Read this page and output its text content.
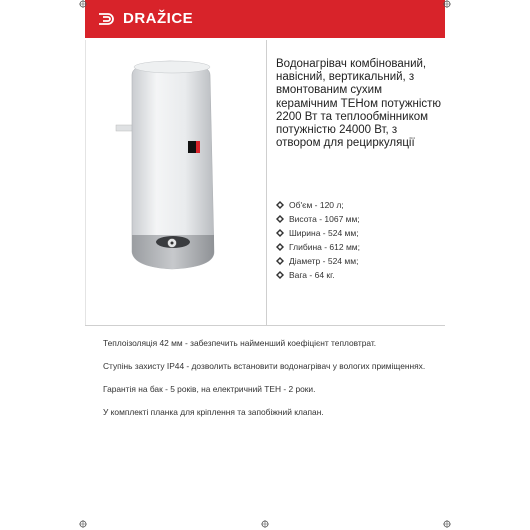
DRAŽICE
Водонагрівач комбінований, навісний, вертикальний, з вмонтованим сухим керамічним ТЕНом потужністю 2200 Вт та теплообмінником потужністю 24000 Вт, з отвором для рециркуляції
Об'єм - 120 л;
Висота - 1067 мм;
Ширина - 524 мм;
Глибина - 612 мм;
Діаметр - 524 мм;
Вага - 64 кг.

Теплоізоляція 42 мм - забезпечить найменший коефіцієнт тепловтрат.

Ступінь захисту IP44 - дозволить встановити водонагрівач у вологих приміщеннях.

Гарантія на бак - 5 років, на електричний ТЕН - 2 роки.

У комплекті планка для кріплення та запобіжний клапан.
